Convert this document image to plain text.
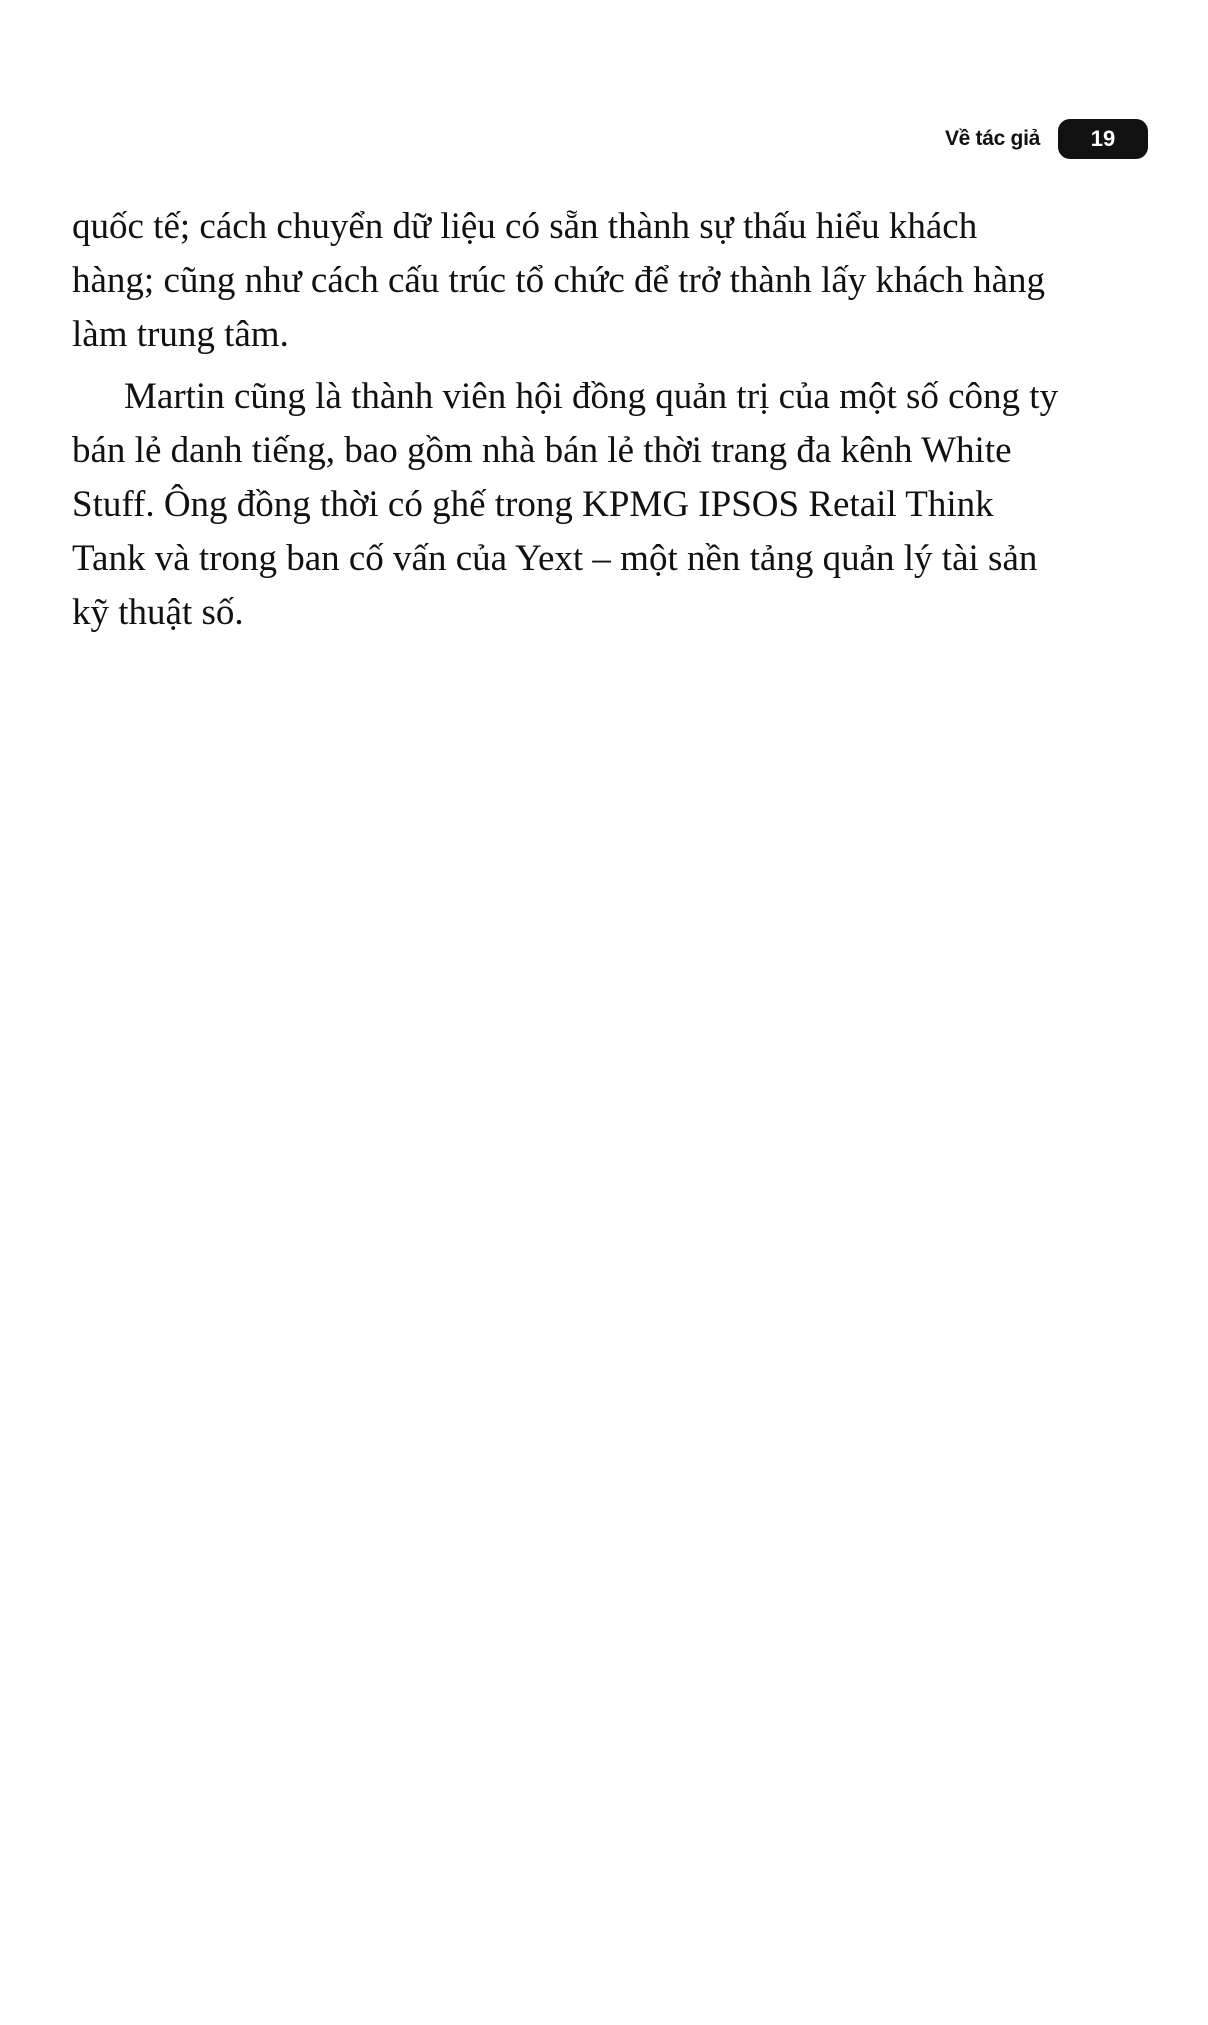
Về tác giả	19

quốc tế; cách chuyển dữ liệu có sẵn thành sự thấu hiểu khách hàng; cũng như cách cấu trúc tổ chức để trở thành lấy khách hàng làm trung tâm.

Martin cũng là thành viên hội đồng quản trị của một số công ty bán lẻ danh tiếng, bao gồm nhà bán lẻ thời trang đa kênh White Stuff. Ông đồng thời có ghế trong KPMG IPSOS Retail Think Tank và trong ban cố vấn của Yext – một nền tảng quản lý tài sản kỹ thuật số.
